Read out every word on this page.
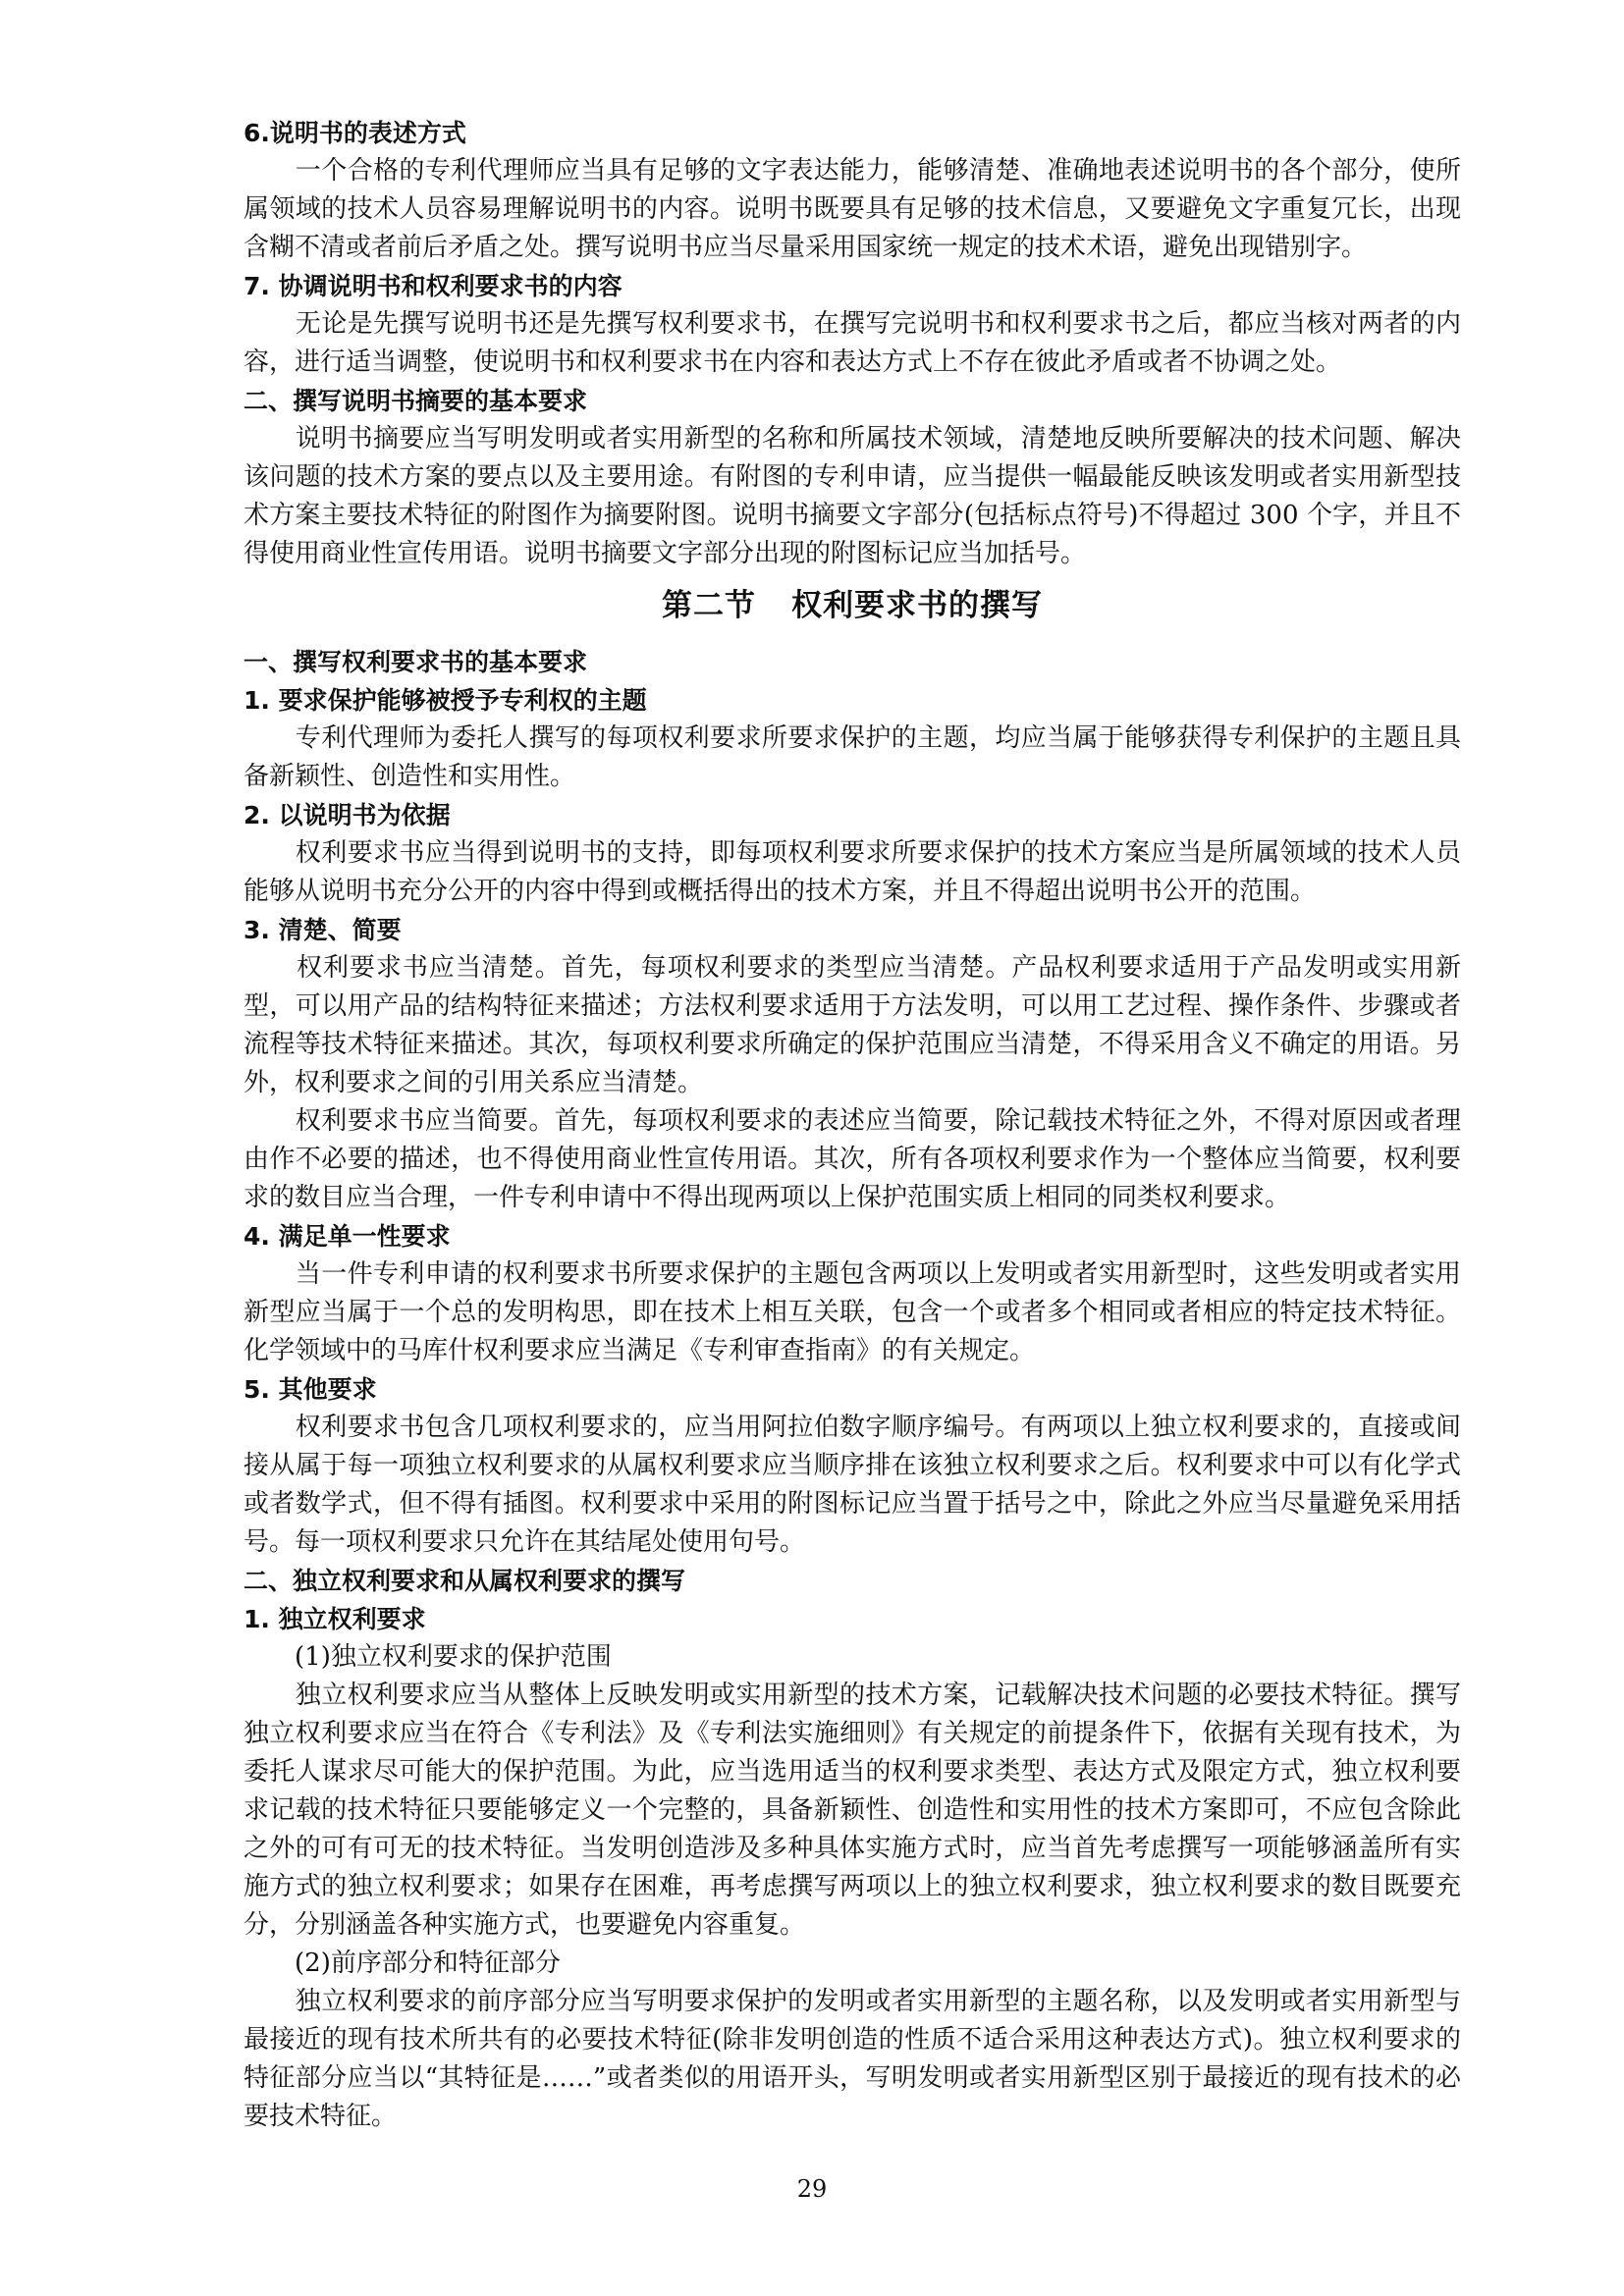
6.说明书的表述方式

　　一个合格的专利代理师应当具有足够的文字表达能力，能够清楚、准确地表述说明书的各个部分，使所属领域的技术人员容易理解说明书的内容。说明书既要具有足够的技术信息，又要避免文字重复冗长，出现含糊不清或者前后矛盾之处。撰写说明书应当尽量采用国家统一规定的技术术语，避免出现错别字。

7. 协调说明书和权利要求书的内容

　　无论是先撰写说明书还是先撰写权利要求书，在撰写完说明书和权利要求书之后，都应当核对两者的内容，进行适当调整，使说明书和权利要求书在内容和表达方式上不存在彼此矛盾或者不协调之处。

二、撰写说明书摘要的基本要求

　　说明书摘要应当写明发明或者实用新型的名称和所属技术领域，清楚地反映所要解决的技术问题、解决该问题的技术方案的要点以及主要用途。有附图的专利申请，应当提供一幅最能反映该发明或者实用新型技术方案主要技术特征的附图作为摘要附图。说明书摘要文字部分(包括标点符号)不得超过 300 个字，并且不得使用商业性宣传用语。说明书摘要文字部分出现的附图标记应当加括号。

第二节 权利要求书的撰写
一、撰写权利要求书的基本要求
1. 要求保护能够被授予专利权的主题

　　专利代理师为委托人撰写的每项权利要求所要求保护的主题，均应当属于能够获得专利保护的主题且具备新颖性、创造性和实用性。

2. 以说明书为依据

　　权利要求书应当得到说明书的支持，即每项权利要求所要求保护的技术方案应当是所属领域的技术人员能够从说明书充分公开的内容中得到或概括得出的技术方案，并且不得超出说明书公开的范围。

3. 清楚、简要

　　权利要求书应当清楚。首先，每项权利要求的类型应当清楚。产品权利要求适用于产品发明或实用新型，可以用产品的结构特征来描述；方法权利要求适用于方法发明，可以用工艺过程、操作条件、步骤或者流程等技术特征来描述。其次，每项权利要求所确定的保护范围应当清楚，不得采用含义不确定的用语。另外，权利要求之间的引用关系应当清楚。

　　权利要求书应当简要。首先，每项权利要求的表述应当简要，除记载技术特征之外，不得对原因或者理由作不必要的描述，也不得使用商业性宣传用语。其次，所有各项权利要求作为一个整体应当简要，权利要求的数目应当合理，一件专利申请中不得出现两项以上保护范围实质上相同的同类权利要求。

4. 满足单一性要求

　　当一件专利申请的权利要求书所要求保护的主题包含两项以上发明或者实用新型时，这些发明或者实用新型应当属于一个总的发明构思，即在技术上相互关联，包含一个或者多个相同或者相应的特定技术特征。化学领域中的马库什权利要求应当满足《专利审查指南》的有关规定。

5. 其他要求

　　权利要求书包含几项权利要求的，应当用阿拉伯数字顺序编号。有两项以上独立权利要求的，直接或间接从属于每一项独立权利要求的从属权利要求应当顺序排在该独立权利要求之后。权利要求中可以有化学式或者数学式，但不得有插图。权利要求中采用的附图标记应当置于括号之中，除此之外应当尽量避免采用括号。每一项权利要求只允许在其结尾处使用句号。

二、独立权利要求和从属权利要求的撰写
1. 独立权利要求

　　(1)独立权利要求的保护范围

　　独立权利要求应当从整体上反映发明或实用新型的技术方案，记载解决技术问题的必要技术特征。撰写独立权利要求应当在符合《专利法》及《专利法实施细则》有关规定的前提条件下，依据有关现有技术，为委托人谋求尽可能大的保护范围。为此，应当选用适当的权利要求类型、表达方式及限定方式，独立权利要求记载的技术特征只要能够定义一个完整的，具备新颖性、创造性和实用性的技术方案即可，不应包含除此之外的可有可无的技术特征。当发明创造涉及多种具体实施方式时，应当首先考虑撰写一项能够涵盖所有实施方式的独立权利要求；如果存在困难，再考虑撰写两项以上的独立权利要求，独立权利要求的数目既要充分，分别涵盖各种实施方式，也要避免内容重复。

　　(2)前序部分和特征部分

　　独立权利要求的前序部分应当写明要求保护的发明或者实用新型的主题名称，以及发明或者实用新型与最接近的现有技术所共有的必要技术特征(除非发明创造的性质不适合采用这种表达方式)。独立权利要求的特征部分应当以“其特征是……”或者类似的用语开头，写明发明或者实用新型区别于最接近的现有技术的必要技术特征。

29
